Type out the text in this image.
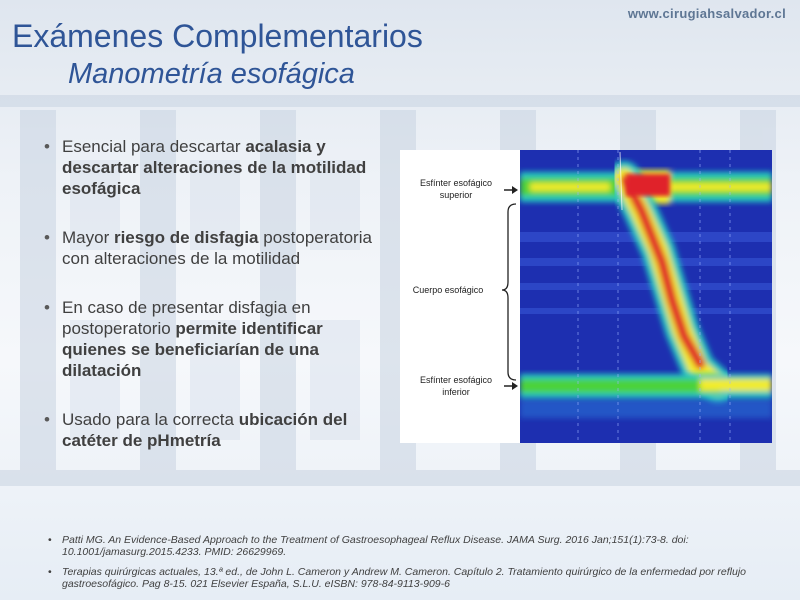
www.cirugiahsalvador.cl
Exámenes Complementarios
Manometría esofágica
• Esencial para descartar acalasia y descartar alteraciones de la motilidad esofágica
• Mayor riesgo de disfagia postoperatoria con alteraciones de la motilidad
• En caso de presentar disfagia en postoperatorio permite identificar quienes se beneficiarían de una dilatación
• Usado para la correcta ubicación del catéter de pHmetría
Esfínter esofágico
superior
Cuerpo esofágico
Esfínter esofágico
inferior
• Patti MG. An Evidence-Based Approach to the Treatment of Gastroesophageal Reflux Disease. JAMA Surg. 2016 Jan;151(1):73-8. doi: 10.1001/jamasurg.2015.4233. PMID: 26629969.
• Terapias quirúrgicas actuales, 13.ª ed., de John L. Cameron y Andrew M. Cameron. Capítulo 2. Tratamiento quirúrgico de la enfermedad por reflujo gastroesofágico. Pag 8-15. 021 Elsevier España, S.L.U. eISBN: 978-84-9113-909-6
